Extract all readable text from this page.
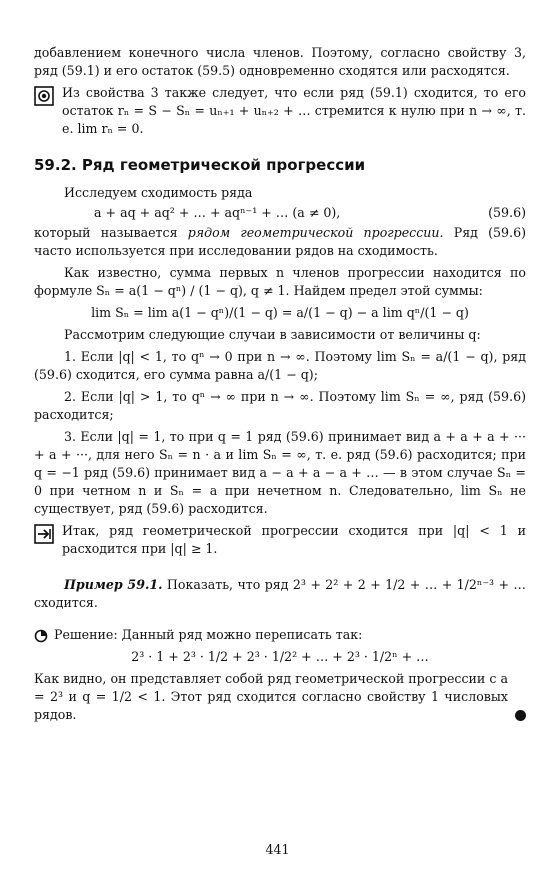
добавлением конечного числа членов. Поэтому, согласно свойству 3, ряд (59.1) и его остаток (59.5) одновременно сходятся или расходятся.

Из свойства 3 также следует, что если ряд (59.1) сходится, то его остаток rₙ = S − Sₙ = uₙ₊₁ + uₙ₊₂ + … стремится к нулю при n → ∞, т. е. lim rₙ = 0.

59.2. Ряд геометрической прогрессии

Исследуем сходимость ряда

a + aq + aq² + … + aqⁿ⁻¹ + … (a ≠ 0),	(59.6)

который называется рядом геометрической прогрессии. Ряд (59.6) часто используется при исследовании рядов на сходимость.

Как известно, сумма первых n членов прогрессии находится по формуле Sₙ = a(1 − qⁿ) / (1 − q), q ≠ 1. Найдем предел этой суммы:

lim Sₙ = lim a(1 − qⁿ)/(1 − q) = a/(1 − q) − a lim qⁿ/(1 − q)

Рассмотрим следующие случаи в зависимости от величины q:

1. Если |q| < 1, то qⁿ → 0 при n → ∞. Поэтому lim Sₙ = a/(1 − q), ряд (59.6) сходится, его сумма равна a/(1 − q);

2. Если |q| > 1, то qⁿ → ∞ при n → ∞. Поэтому lim Sₙ = ∞, ряд (59.6) расходится;

3. Если |q| = 1, то при q = 1 ряд (59.6) принимает вид a + a + a + ··· + a + ···, для него Sₙ = n · a и lim Sₙ = ∞, т. е. ряд (59.6) расходится; при q = −1 ряд (59.6) принимает вид a − a + a − a + … — в этом случае Sₙ = 0 при четном n и Sₙ = a при нечетном n. Следовательно, lim Sₙ не существует, ряд (59.6) расходится.

Итак, ряд геометрической прогрессии сходится при |q| < 1 и расходится при |q| ≥ 1.

Пример 59.1. Показать, что ряд 2³ + 2² + 2 + 1/2 + … + 1/2ⁿ⁻³ + … сходится.

Решение: Данный ряд можно переписать так:

2³ · 1 + 2³ · 1/2 + 2³ · 1/2² + … + 2³ · 1/2ⁿ + …

Как видно, он представляет собой ряд геометрической прогрессии с a = 2³ и q = 1/2 < 1. Этот ряд сходится согласно свойству 1 числовых рядов.

441
